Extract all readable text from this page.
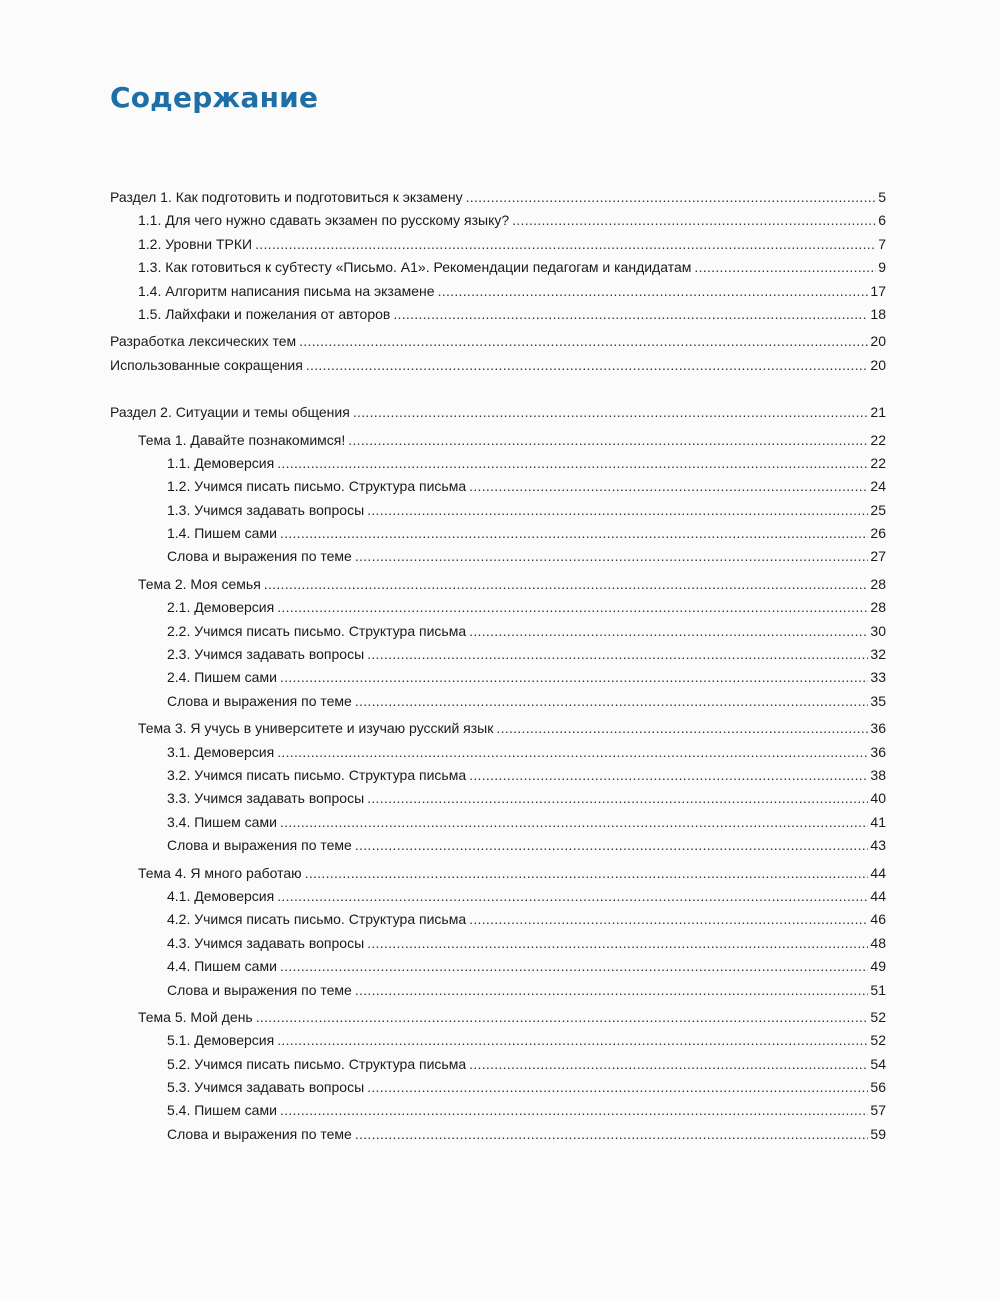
Содержание
Раздел 1. Как подготовить и подготовиться к экзамену .....	5
1.1. Для чего нужно сдавать экзамен по русскому языку? .....	6
1.2. Уровни ТРКИ .....	7
1.3. Как готовиться к субтесту «Письмо. А1». Рекомендации педагогам и кандидатам .....	9
1.4. Алгоритм написания письма на экзамене .....	17
1.5. Лайхфаки и пожелания от авторов .....	18
Разработка лексических тем .....	20
Использованные сокращения .....	20
Раздел 2. Ситуации и темы общения .....	21
Тема 1. Давайте познакомимся! .....	22
1.1. Демоверсия .....	22
1.2. Учимся писать письмо. Структура письма .....	24
1.3. Учимся задавать вопросы .....	25
1.4. Пишем сами .....	26
Слова и выражения по теме .....	27
Тема 2. Моя семья .....	28
2.1. Демоверсия .....	28
2.2. Учимся писать письмо. Структура письма .....	30
2.3. Учимся задавать вопросы .....	32
2.4. Пишем сами .....	33
Слова и выражения по теме .....	35
Тема 3. Я учусь в университете и изучаю русский язык .....	36
3.1. Демоверсия .....	36
3.2. Учимся писать письмо. Структура письма .....	38
3.3. Учимся задавать вопросы .....	40
3.4. Пишем сами .....	41
Слова и выражения по теме .....	43
Тема 4. Я много работаю .....	44
4.1. Демоверсия .....	44
4.2. Учимся писать письмо. Структура письма .....	46
4.3. Учимся задавать вопросы .....	48
4.4. Пишем сами .....	49
Слова и выражения по теме .....	51
Тема 5. Мой день .....	52
5.1. Демоверсия .....	52
5.2. Учимся писать письмо. Структура письма .....	54
5.3. Учимся задавать вопросы .....	56
5.4. Пишем сами .....	57
Слова и выражения по теме .....	59
